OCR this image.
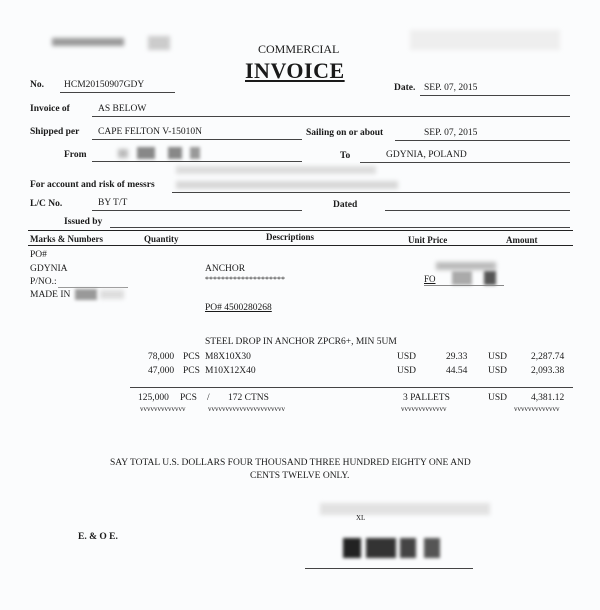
COMMERCIAL
INVOICE
No. HCM20150907GDY	Date. SEP. 07, 2015
Invoice of	AS BELOW
Shipped per CAPE FELTON V-15010N	Sailing on or about	SEP. 07, 2015
From	To	GDYNIA, POLAND
For account and risk of messrs
L/C No.	BY T/T	Dated
Issued by
Marks & Numbers	Quantity	Descriptions	Unit Price	Amount
PO#
GDYNIA
P/NO.:
MADE IN
ANCHOR
********************
PO# 4500280268
STEEL DROP IN ANCHOR ZPCR6+, MIN 5UM
FO
78,000 PCS M8X10X30	USD	29.33 USD	2,287.74
47,000 PCS M10X12X40	USD	44.54 USD	2,093.38
125,000 PCS / 172 CTNS	3 PALLETS	USD	4,381.12
vvvvvvvvvvvvv	vvvvvvvvvvvvvvvvvvvvvv	vvvvvvvvvvvvv	vvvvvvvvvvvvv
SAY TOTAL U.S. DOLLARS FOUR THOUSAND THREE HUNDRED EIGHTY ONE AND
CENTS TWELVE ONLY.
XL
E. & O E.
